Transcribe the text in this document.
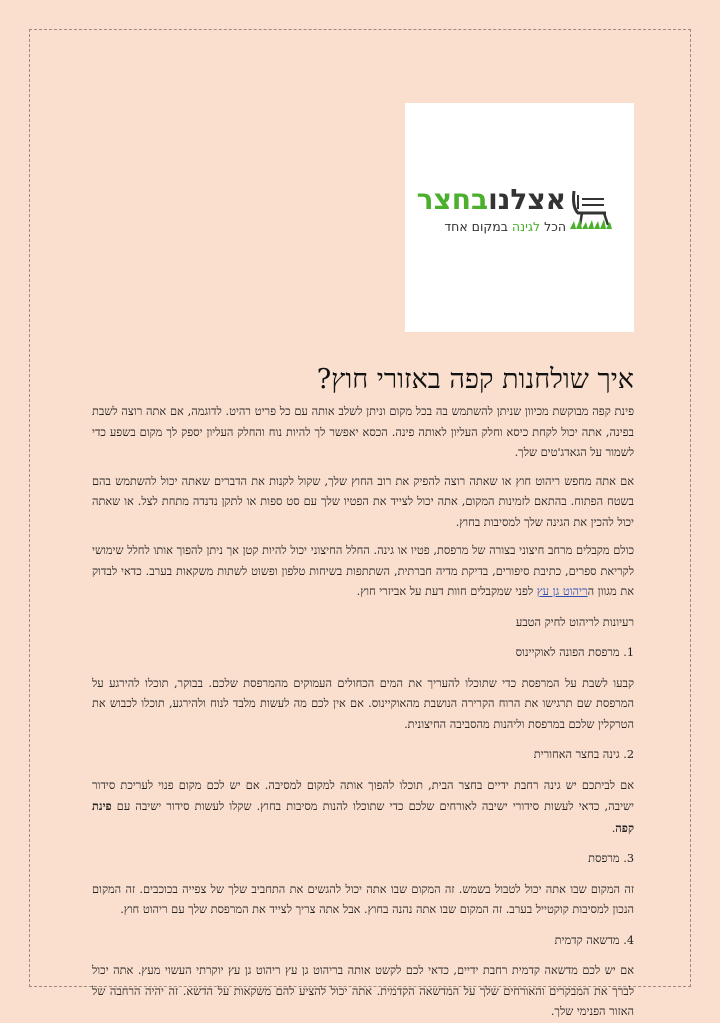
אצלנובחצר
הכל לגינה במקום אחד
איך שולחנות קפה באזורי חוץ?

פינת קפה מבוקשת מכיוון שניתן להשתמש בה בכל מקום וניתן לשלב אותה עם כל פריט רהיט. לדוגמה, אם אתה רוצה לשבת בפינה, אתה יכול לקחת כיסא וחלק העליון לאותה פינה. הכסא יאפשר לך להיות נוח והחלק העליון יספק לך מקום בשפע כדי לשמור על הגאדג'טים שלך.

אם אתה מחפש ריהוט חוץ או שאתה רוצה להפיק את רוב החוץ שלך, שקול לקנות את הדברים שאתה יכול להשתמש בהם בשטח הפתוח. בהתאם לזמינות המקום, אתה יכול לצייד את הפטיו שלך עם סט ספות או לתקן נדנדה מתחת לצל. או שאתה יכול להכין את הגינה שלך למסיבות בחוץ.

כולם מקבלים מרחב חיצוני בצורה של מרפסת, פטיו או גינה. החלל החיצוני יכול להיות קטן אך ניתן להפוך אותו לחלל שימושי לקריאת ספרים, כתיבת סיפורים, בדיקת מדיה חברתית, השתתפות בשיחות טלפון ופשוט לשתות משקאות בערב. כדאי לבדוק את מגוון הריהוט גן עץ לפני שמקבלים חוות דעת על אביזרי חוץ.

רעיונות לריהוט לחיק הטבע

1. מרפסת הפונה לאוקיינוס

קבעו לשבת על המרפסת כדי שתוכלו להעריך את המים הכחולים העמוקים מהמרפסת שלכם. בבוקר, תוכלו להירגע על המרפסת שם תרגישו את הרוח הקרירה הנושבת מהאוקיינוס. אם אין לכם מה לעשות מלבד לנוח ולהירגע, תוכלו לכבוש את הטרקלין שלכם במרפסת וליהנות מהסביבה החיצונית.

2. גינה בחצר האחורית

אם לביתכם יש גינה רחבת ידיים בחצר הבית, תוכלו להפוך אותה למקום למסיבה. אם יש לכם מקום פנוי לעריכת סידור ישיבה, כדאי לעשות סידורי ישיבה לאורחים שלכם כדי שתוכלו להנות מסיבות בחוץ. שקלו לעשות סידור ישיבה עם פינת קפה.

3. מרפסת

זה המקום שבו אתה יכול לטבול בשמש. זה המקום שבו אתה יכול להגשים את התחביב שלך של צפייה בכוכבים. זה המקום הנכון למסיבות קוקטייל בערב. זה המקום שבו אתה נהנה בחוץ. אבל אתה צריך לצייד את המרפסת שלך עם ריהוט חוץ.

4. מדשאה קדמית

אם יש לכם מדשאה קדמית רחבת ידיים, כדאי לכם לקשט אותה בריהוט גן עץ ריהוט גן עץ יוקרתי העשוי מעץ. אתה יכול לברך את המבקרים והאורחים שלך על המדשאה הקדמית. אתה יכול להציע להם משקאות על הדשא. זה יהיה הרחבה של האזור הפנימי שלך.
